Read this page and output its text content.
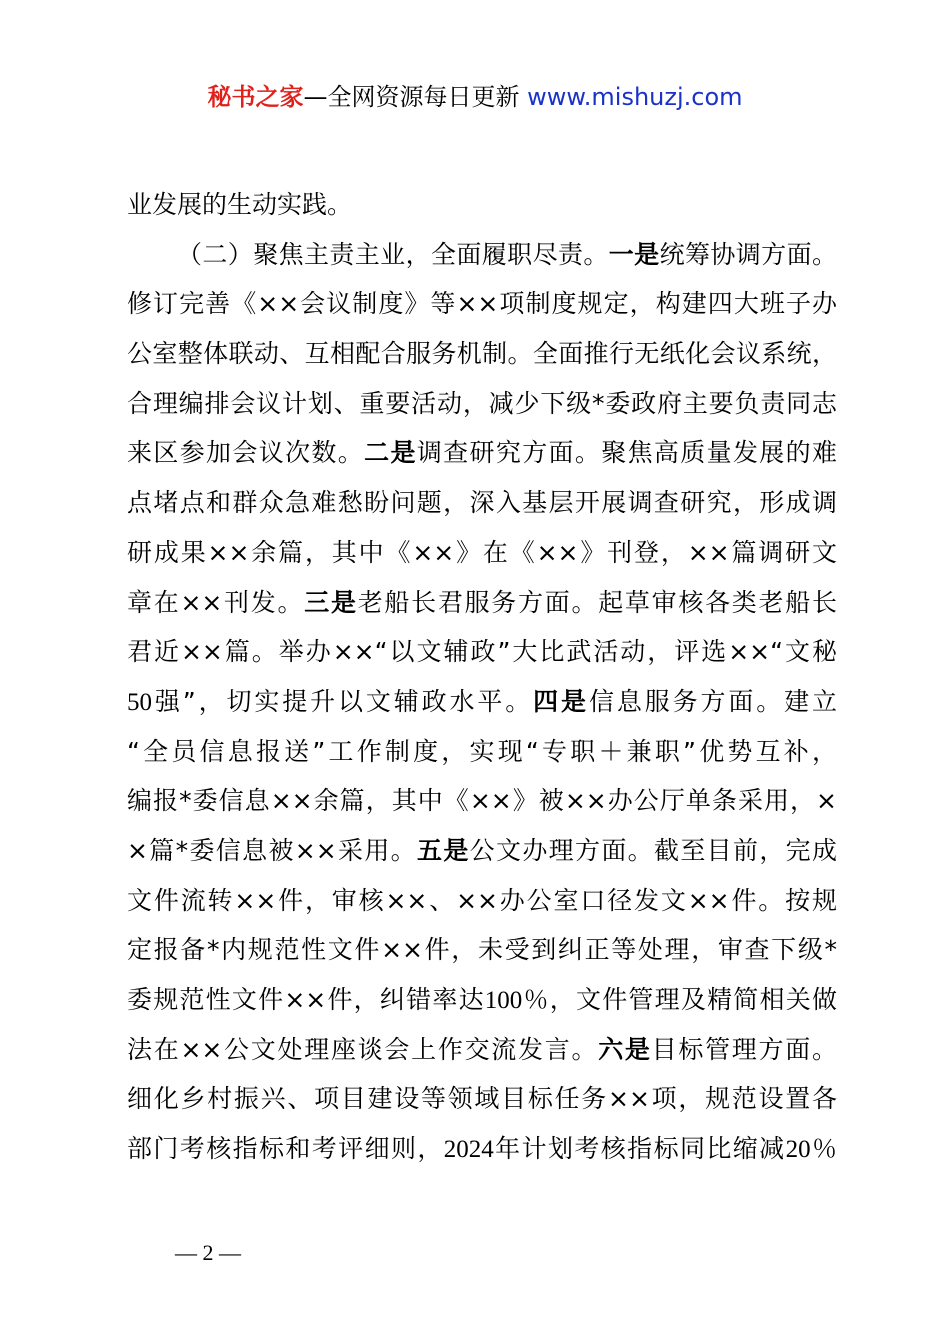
秘书之家—全网资源每日更新 www.mishuzj.com
业发展的生动实践。
（二）聚焦主责主业，全面履职尽责。一是统筹协调方面。
修订完善《××会议制度》等××项制度规定，构建四大班子办
公室整体联动、互相配合服务机制。全面推行无纸化会议系统，
合理编排会议计划、重要活动，减少下级*委政府主要负责同志
来区参加会议次数。二是调查研究方面。聚焦高质量发展的难
点堵点和群众急难愁盼问题，深入基层开展调查研究，形成调
研成果××余篇，其中《××》在《××》刊登，××篇调研文
章在××刊发。三是老船长君服务方面。起草审核各类老船长
君近××篇。举办××“以文辅政”大比武活动，评选××“文秘
50强”，切实提升以文辅政水平。四是信息服务方面。建立
“全员信息报送”工作制度，实现“专职＋兼职”优势互补，
编报*委信息××余篇，其中《××》被××办公厅单条采用，×
×篇*委信息被××采用。五是公文办理方面。截至目前，完成
文件流转××件，审核××、××办公室口径发文××件。按规
定报备*内规范性文件××件，未受到纠正等处理，审查下级*
委规范性文件××件，纠错率达100％，文件管理及精简相关做
法在××公文处理座谈会上作交流发言。六是目标管理方面。
细化乡村振兴、项目建设等领域目标任务××项，规范设置各
部门考核指标和考评细则，2024年计划考核指标同比缩减20％
— 2 —
